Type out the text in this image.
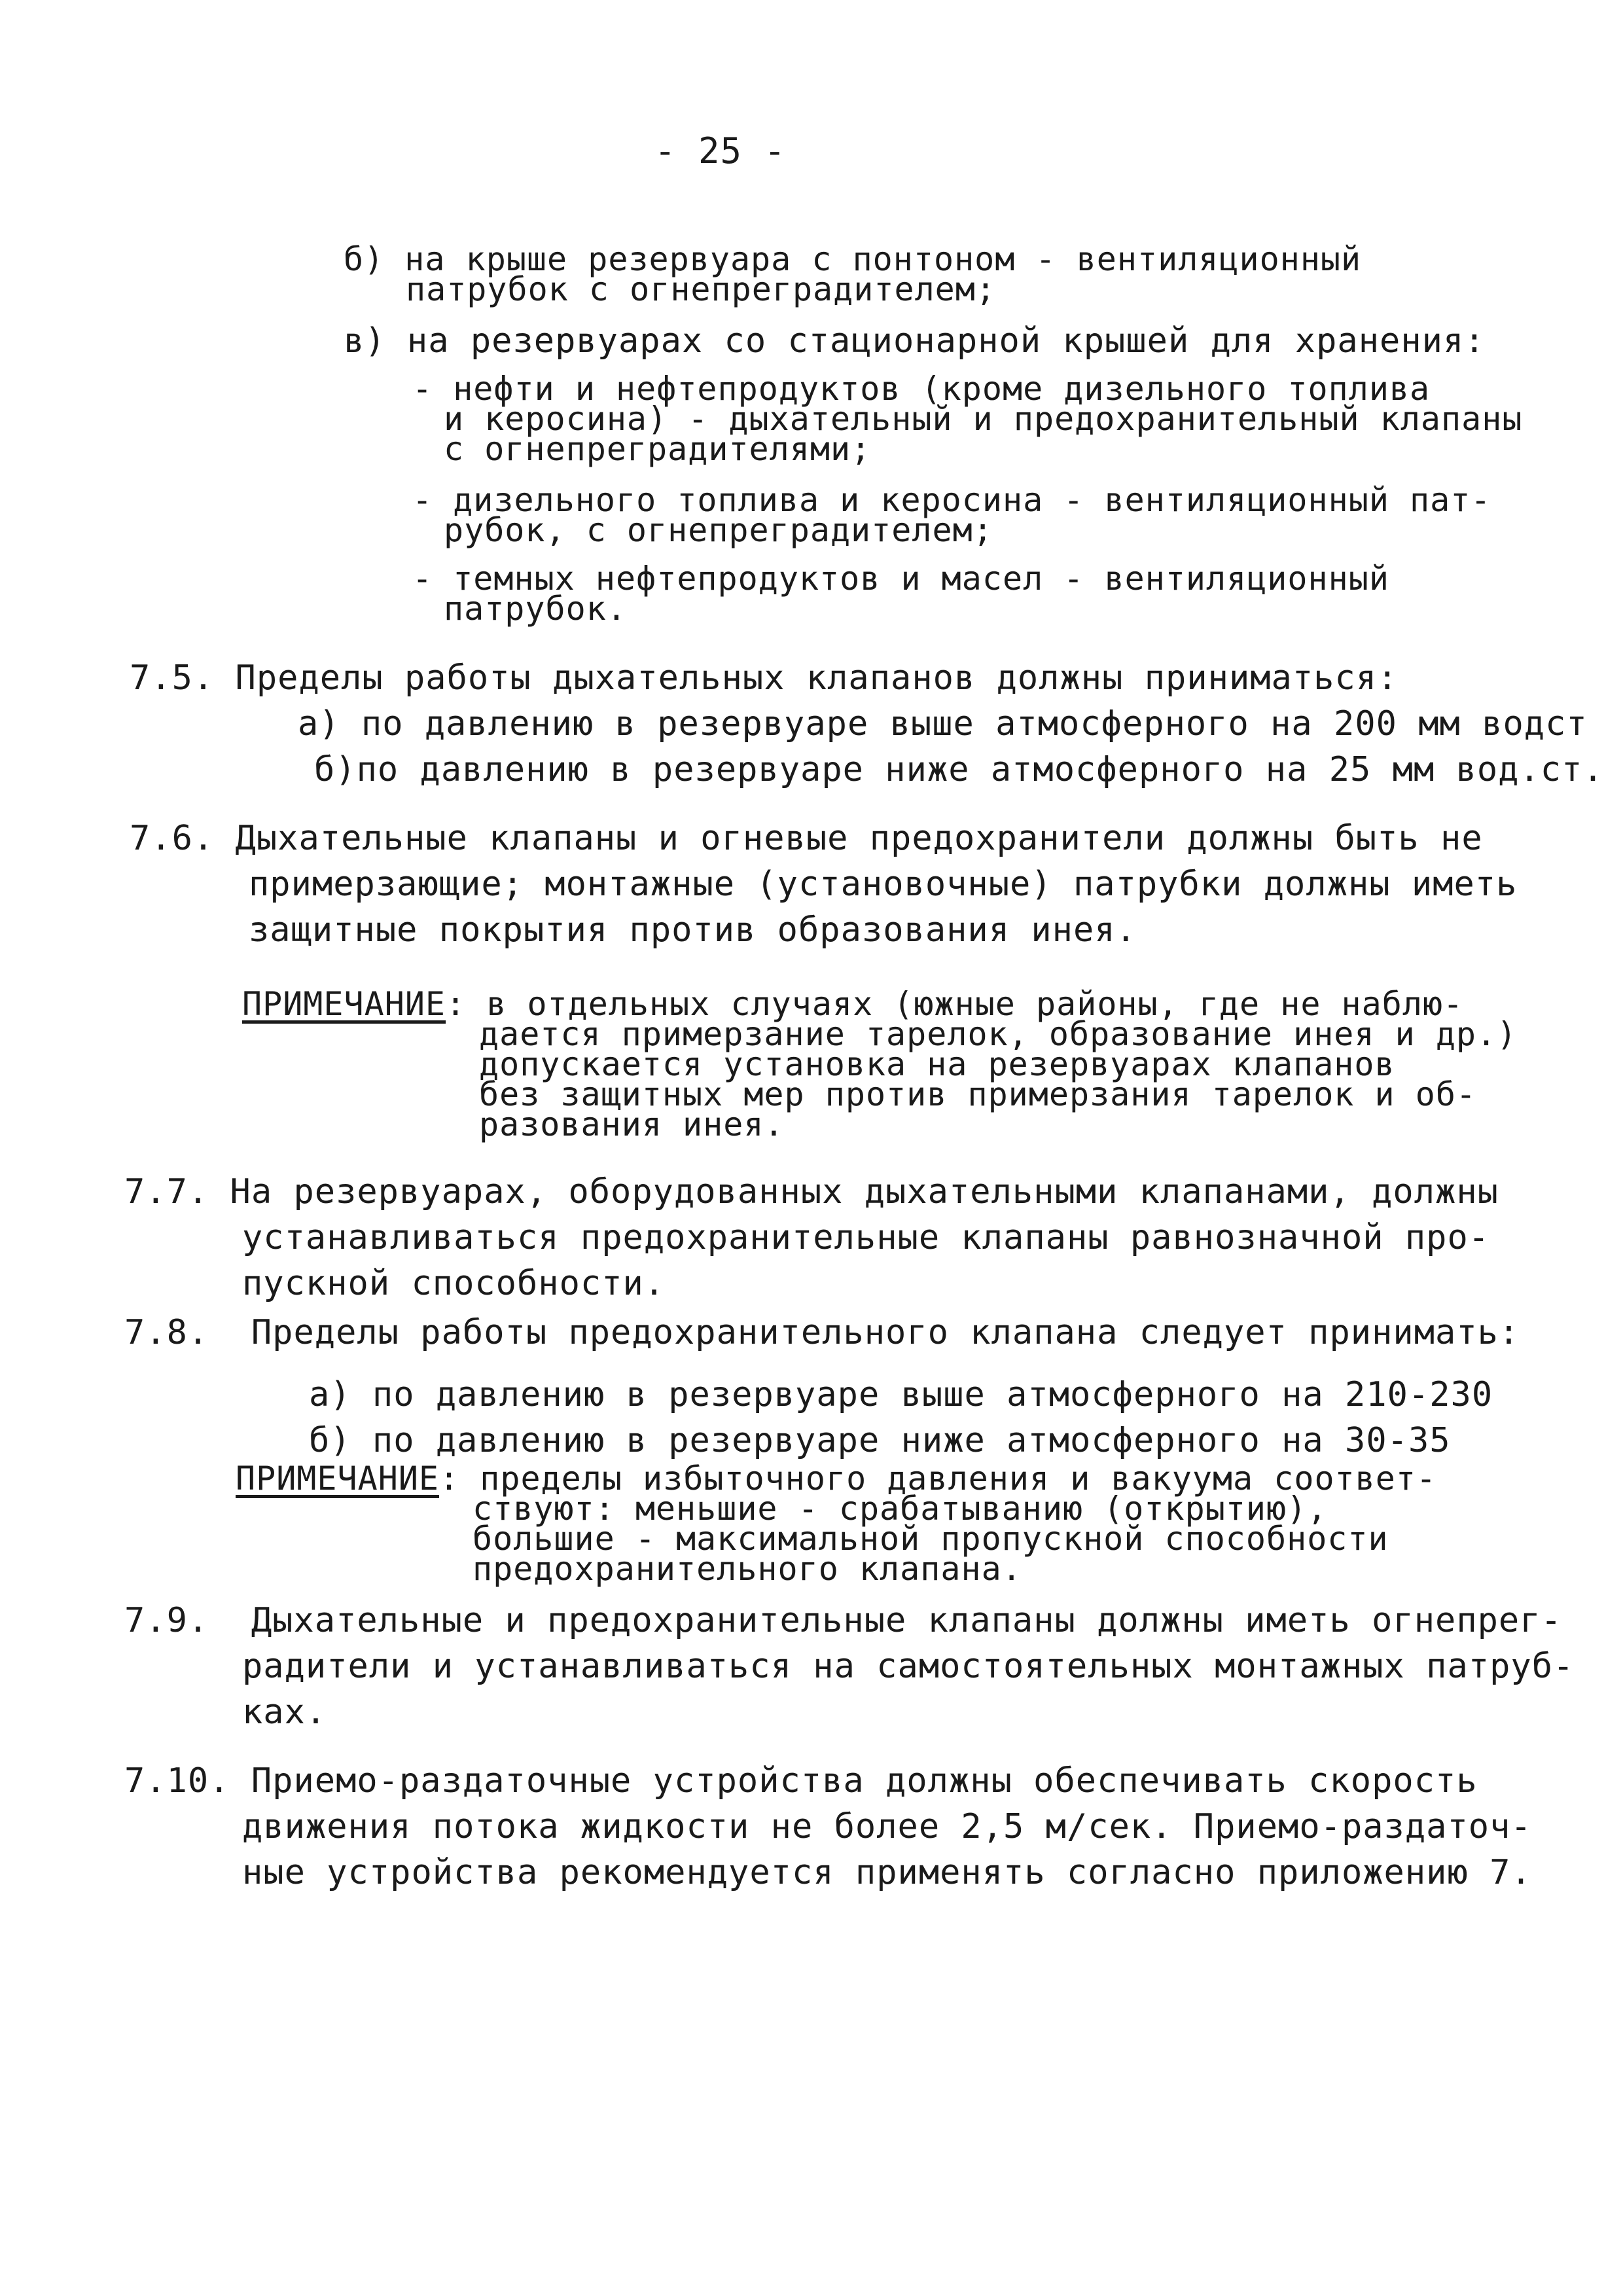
- 25 -

б) на крыше резервуара с понтоном - вентиляционный

патрубок с огнепреградителем;

в) на резервуарах со стационарной крышей для хранения:

- нефти и нефтепродуктов (кроме дизельного топлива

и керосина) - дыхательный и предохранительный клапаны

с огнепреградителями;

- дизельного топлива и керосина - вентиляционный пат-

рубок, с огнепреградителем;

- темных нефтепродуктов и масел - вентиляционный

патрубок.

7.5. Пределы работы дыхательных клапанов должны приниматься:

а) по давлению в резервуаре выше атмосферного на 200 мм водст

б)по давлению в резервуаре ниже атмосферного на 25 мм вод.ст.

7.6. Дыхательные клапаны и огневые предохранители должны быть не

примерзающие; монтажные (установочные) патрубки должны иметь

защитные покрытия против образования инея.

ПРИМЕЧАНИЕ: в отдельных случаях (южные районы, где не наблю-

дается примерзание тарелок, образование инея и др.)

допускается установка на резервуарах клапанов

без защитных мер против примерзания тарелок и об-

разования инея.

7.7. На резервуарах, оборудованных дыхательными клапанами, должны

устанавливаться предохранительные клапаны равнозначной про-

пускной способности.

7.8.  Пределы работы предохранительного клапана следует принимать:

а) по давлению в резервуаре выше атмосферного на 210-230

б) по давлению в резервуаре ниже атмосферного на 30-35

ПРИМЕЧАНИЕ: пределы избыточного давления и вакуума соответ-

ствуют: меньшие - срабатыванию (открытию),

большие - максимальной пропускной способности

предохранительного клапана.

7.9.  Дыхательные и предохранительные клапаны должны иметь огнепрег-

радители и устанавливаться на самостоятельных монтажных патруб-

ках.

7.10. Приемо-раздаточные устройства должны обеспечивать скорость

движения потока жидкости не более 2,5 м/сек. Приемо-раздаточ-

ные устройства рекомендуется применять согласно приложению 7.
